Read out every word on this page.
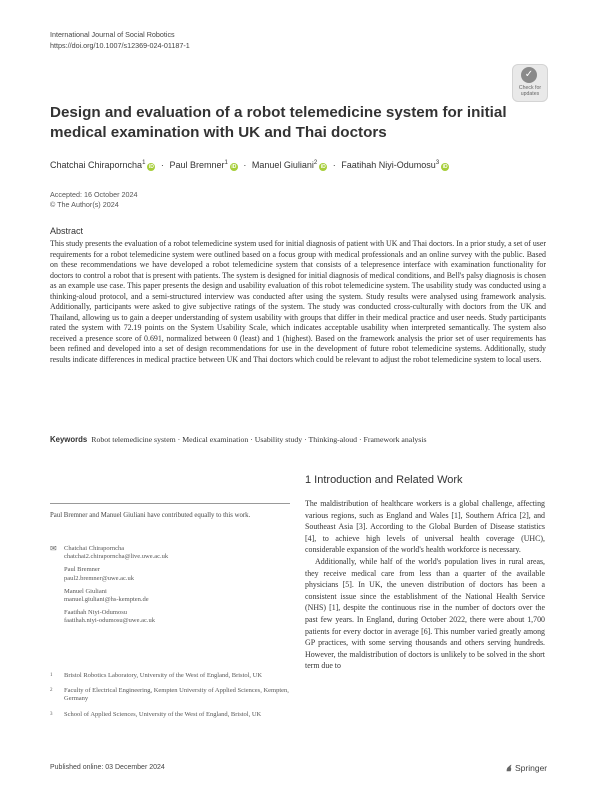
International Journal of Social Robotics
https://doi.org/10.1007/s12369-024-01187-1
✓
Check for updates
Design and evaluation of a robot telemedicine system for initial medical examination with UK and Thai doctors
Chatchai Chiraporncha$^1$iD · Paul Bremner$^1$iD · Manuel Giuliani$^2$iD · Faatihah Niyi-Odumosu$^3$iD
Accepted: 16 October 2024
© The Author(s) 2024
Abstract
This study presents the evaluation of a robot telemedicine system used for initial diagnosis of patient with UK and Thai doctors. In a prior study, a set of user requirements for a robot telemedicine system were outlined based on a focus group with medical professionals and an online survey with the public. Based on these recommendations we have developed a robot telemedicine system that consists of a telepresence interface with examination functionality for doctors to control a robot that is present with patients. The system is designed for initial diagnosis of medical conditions, and Bell's palsy diagnosis is chosen as an example use case. This paper presents the design and usability evaluation of this robot telemedicine system. The usability study was conducted using a thinking-aloud protocol, and a semi-structured interview was conducted after using the system. Study results were analysed using framework analysis. Additionally, participants were asked to give subjective ratings of the system. The study was conducted cross-culturally with doctors from the UK and Thailand, allowing us to gain a deeper understanding of system usability with groups that differ in their medical practice and user needs. Study participants rated the system with 72.19 points on the System Usability Scale, which indicates acceptable usability when interpreted semantically. The system also received a presence score of 0.691, normalized between 0 (least) and 1 (highest). Based on the framework analysis the prior set of user requirements has been refined and developed into a set of design recommendations for use in the development of future robot telemedicine systems. Additionally, study results indicate differences in medical practice between UK and Thai doctors which could be relevant to adjust the robot telemedicine system to local users.
Keywords Robot telemedicine system · Medical examination · Usability study · Thinking-aloud · Framework analysis
1 Introduction and Related Work

The maldistribution of healthcare workers is a global challenge, affecting various regions, such as England and Wales [1], Southern Africa [2], and Southeast Asia [3]. According to the Global Burden of Disease statistics [4], to achieve high levels of universal health coverage (UHC), considerable expansion of the world's health workforce is necessary.

Additionally, while half of the world's population lives in rural areas, they receive medical care from less than a quarter of the available physicians [5]. In UK, the uneven distribution of doctors has been a consistent issue since the establishment of the National Health Service (NHS) [1], despite the continuous rise in the number of doctors over the past few years. In England, during October 2022, there were about 1,700 patients for every doctor in average [6]. This number varied greatly among GP practices, with some serving thousands and others serving hundreds. However, the maldistribution of doctors is unlikely to be solved in the short term due to

Paul Bremner and Manuel Giuliani have contributed equally to this work.
✉ Chatchai Chiraporncha
chatchai2.chiraporncha@live.uwe.ac.uk
Paul Bremner
paul2.bremner@uwe.ac.uk
Manuel Giuliani
manuel.giuliani@hs-kempten.de
Faatihah Niyi-Odumosu
faatihah.niyi-odumosu@uwe.ac.uk
1 Bristol Robotics Laboratory, University of the West of England, Bristol, UK
2 Faculty of Electrical Engineering, Kempten University of Applied Sciences, Kempten, Germany
3 School of Applied Sciences, University of the West of England, Bristol, UK
Published online: 03 December 2024	Springer
